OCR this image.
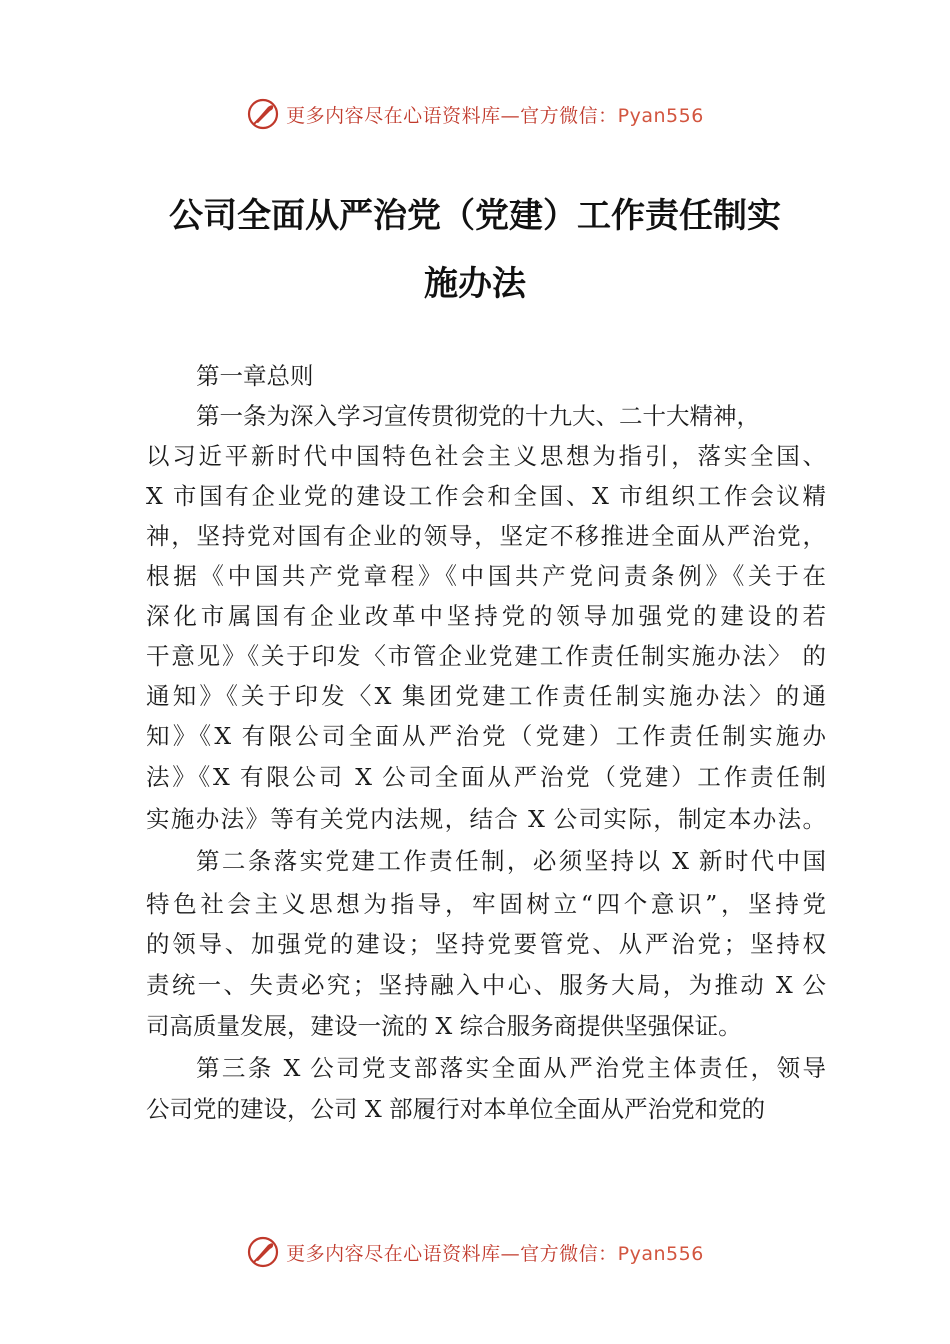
更多内容尽在心语资料库—官方微信：Pyan556
公司全面从严治党（党建）工作责任制实
施办法
第一章总则
第一条为深入学习宣传贯彻党的十九大、二十大精神，
以习近平新时代中国特色社会主义思想为指引，落实全国、
X 市国有企业党的建设工作会和全国、X 市组织工作会议精
神，坚持党对国有企业的领导，坚定不移推进全面从严治党，
根据《中国共产党章程》《中国共产党问责条例》《关于在
深化市属国有企业改革中坚持党的领导加强党的建设的若
干意见》《关于印发〈市管企业党建工作责任制实施办法〉 的
通知》《关于印发〈X 集团党建工作责任制实施办法〉的通
知》《X 有限公司全面从严治党（党建）工作责任制实施办
法》《X 有限公司 X 公司全面从严治党（党建）工作责任制
实施办法》等有关党内法规，结合 X 公司实际，制定本办法。
第二条落实党建工作责任制，必须坚持以 X 新时代中国
特色社会主义思想为指导，牢固树立“四个意识”，坚持党
的领导、加强党的建设；坚持党要管党、从严治党；坚持权
责统一、失责必究；坚持融入中心、服务大局，为推动 X 公
司高质量发展，建设一流的 X 综合服务商提供坚强保证。
第三条 X 公司党支部落实全面从严治党主体责任，领导
公司党的建设，公司 X 部履行对本单位全面从严治党和党的
更多内容尽在心语资料库—官方微信：Pyan556
